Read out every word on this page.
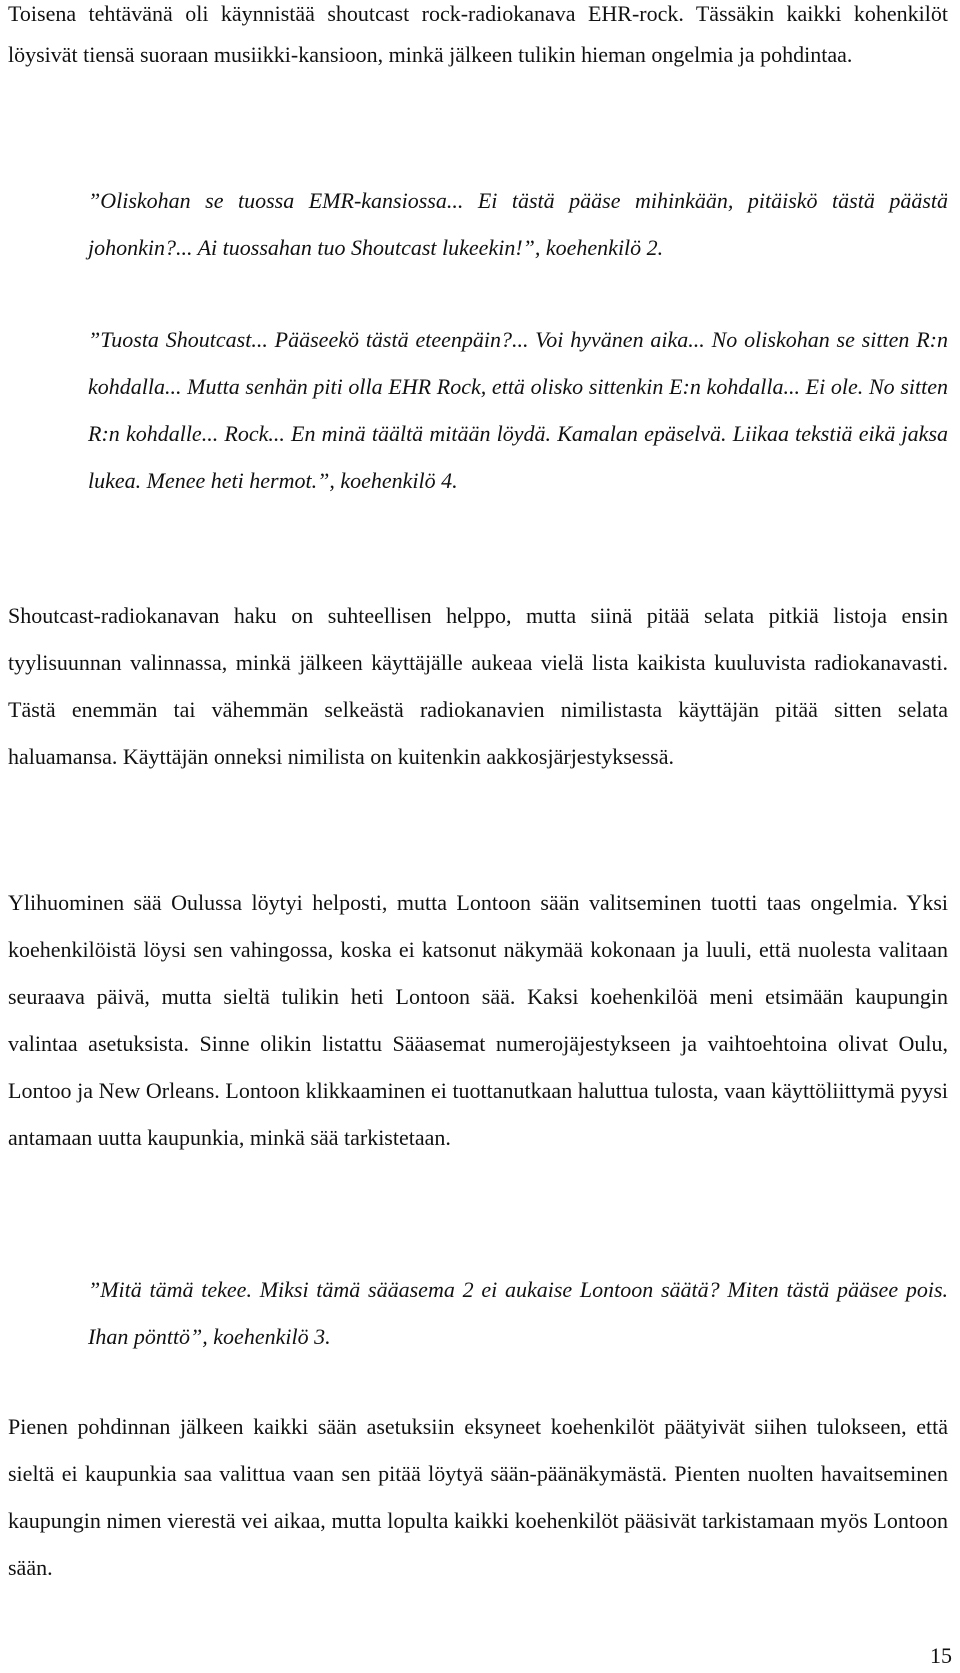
Toisena tehtävänä oli käynnistää shoutcast rock-radiokanava EHR-rock. Tässäkin kaikki kohenkilöt löysivät tiensä suoraan musiikki-kansioon, minkä jälkeen tulikin hieman ongelmia ja pohdintaa.

”Oliskohan se tuossa EMR-kansiossa... Ei tästä pääse mihinkään, pitäiskö tästä päästä johonkin?... Ai tuossahan tuo Shoutcast lukeekin!”, koehenkilö 2.

”Tuosta Shoutcast... Pääseekö tästä eteenpäin?... Voi hyvänen aika... No oliskohan se sitten R:n kohdalla... Mutta senhän piti olla EHR Rock, että olisko sittenkin E:n kohdalla... Ei ole. No sitten R:n kohdalle... Rock... En minä täältä mitään löydä. Kamalan epäselvä. Liikaa tekstiä eikä jaksa lukea. Menee heti hermot.”, koehenkilö 4.

Shoutcast-radiokanavan haku on suhteellisen helppo, mutta siinä pitää selata pitkiä listoja ensin tyylisuunnan valinnassa, minkä jälkeen käyttäjälle aukeaa vielä lista kaikista kuuluvista radiokanavasti. Tästä enemmän tai vähemmän selkeästä radiokanavien nimilistasta käyttäjän pitää sitten selata haluamansa. Käyttäjän onneksi nimilista on kuitenkin aakkosjärjestyksessä.

Ylihuominen sää Oulussa löytyi helposti, mutta Lontoon sään valitseminen tuotti taas ongelmia. Yksi koehenkilöistä löysi sen vahingossa, koska ei katsonut näkymää kokonaan ja luuli, että nuolesta valitaan seuraava päivä, mutta sieltä tulikin heti Lontoon sää. Kaksi koehenkilöä meni etsimään kaupungin valintaa asetuksista. Sinne olikin listattu Sääasemat numerojäjestykseen ja vaihtoehtoina olivat Oulu, Lontoo ja New Orleans. Lontoon klikkaaminen ei tuottanutkaan haluttua tulosta, vaan käyttöliittymä pyysi antamaan uutta kaupunkia, minkä sää tarkistetaan.

”Mitä tämä tekee. Miksi tämä sääasema 2 ei aukaise Lontoon säätä? Miten tästä pääsee pois. Ihan pönttö”, koehenkilö 3.

Pienen pohdinnan jälkeen kaikki sään asetuksiin eksyneet koehenkilöt päätyivät siihen tulokseen, että sieltä ei kaupunkia saa valittua vaan sen pitää löytyä sään-päänäkymästä. Pienten nuolten havaitseminen kaupungin nimen vierestä vei aikaa, mutta lopulta kaikki koehenkilöt pääsivät tarkistamaan myös Lontoon sään.

15
